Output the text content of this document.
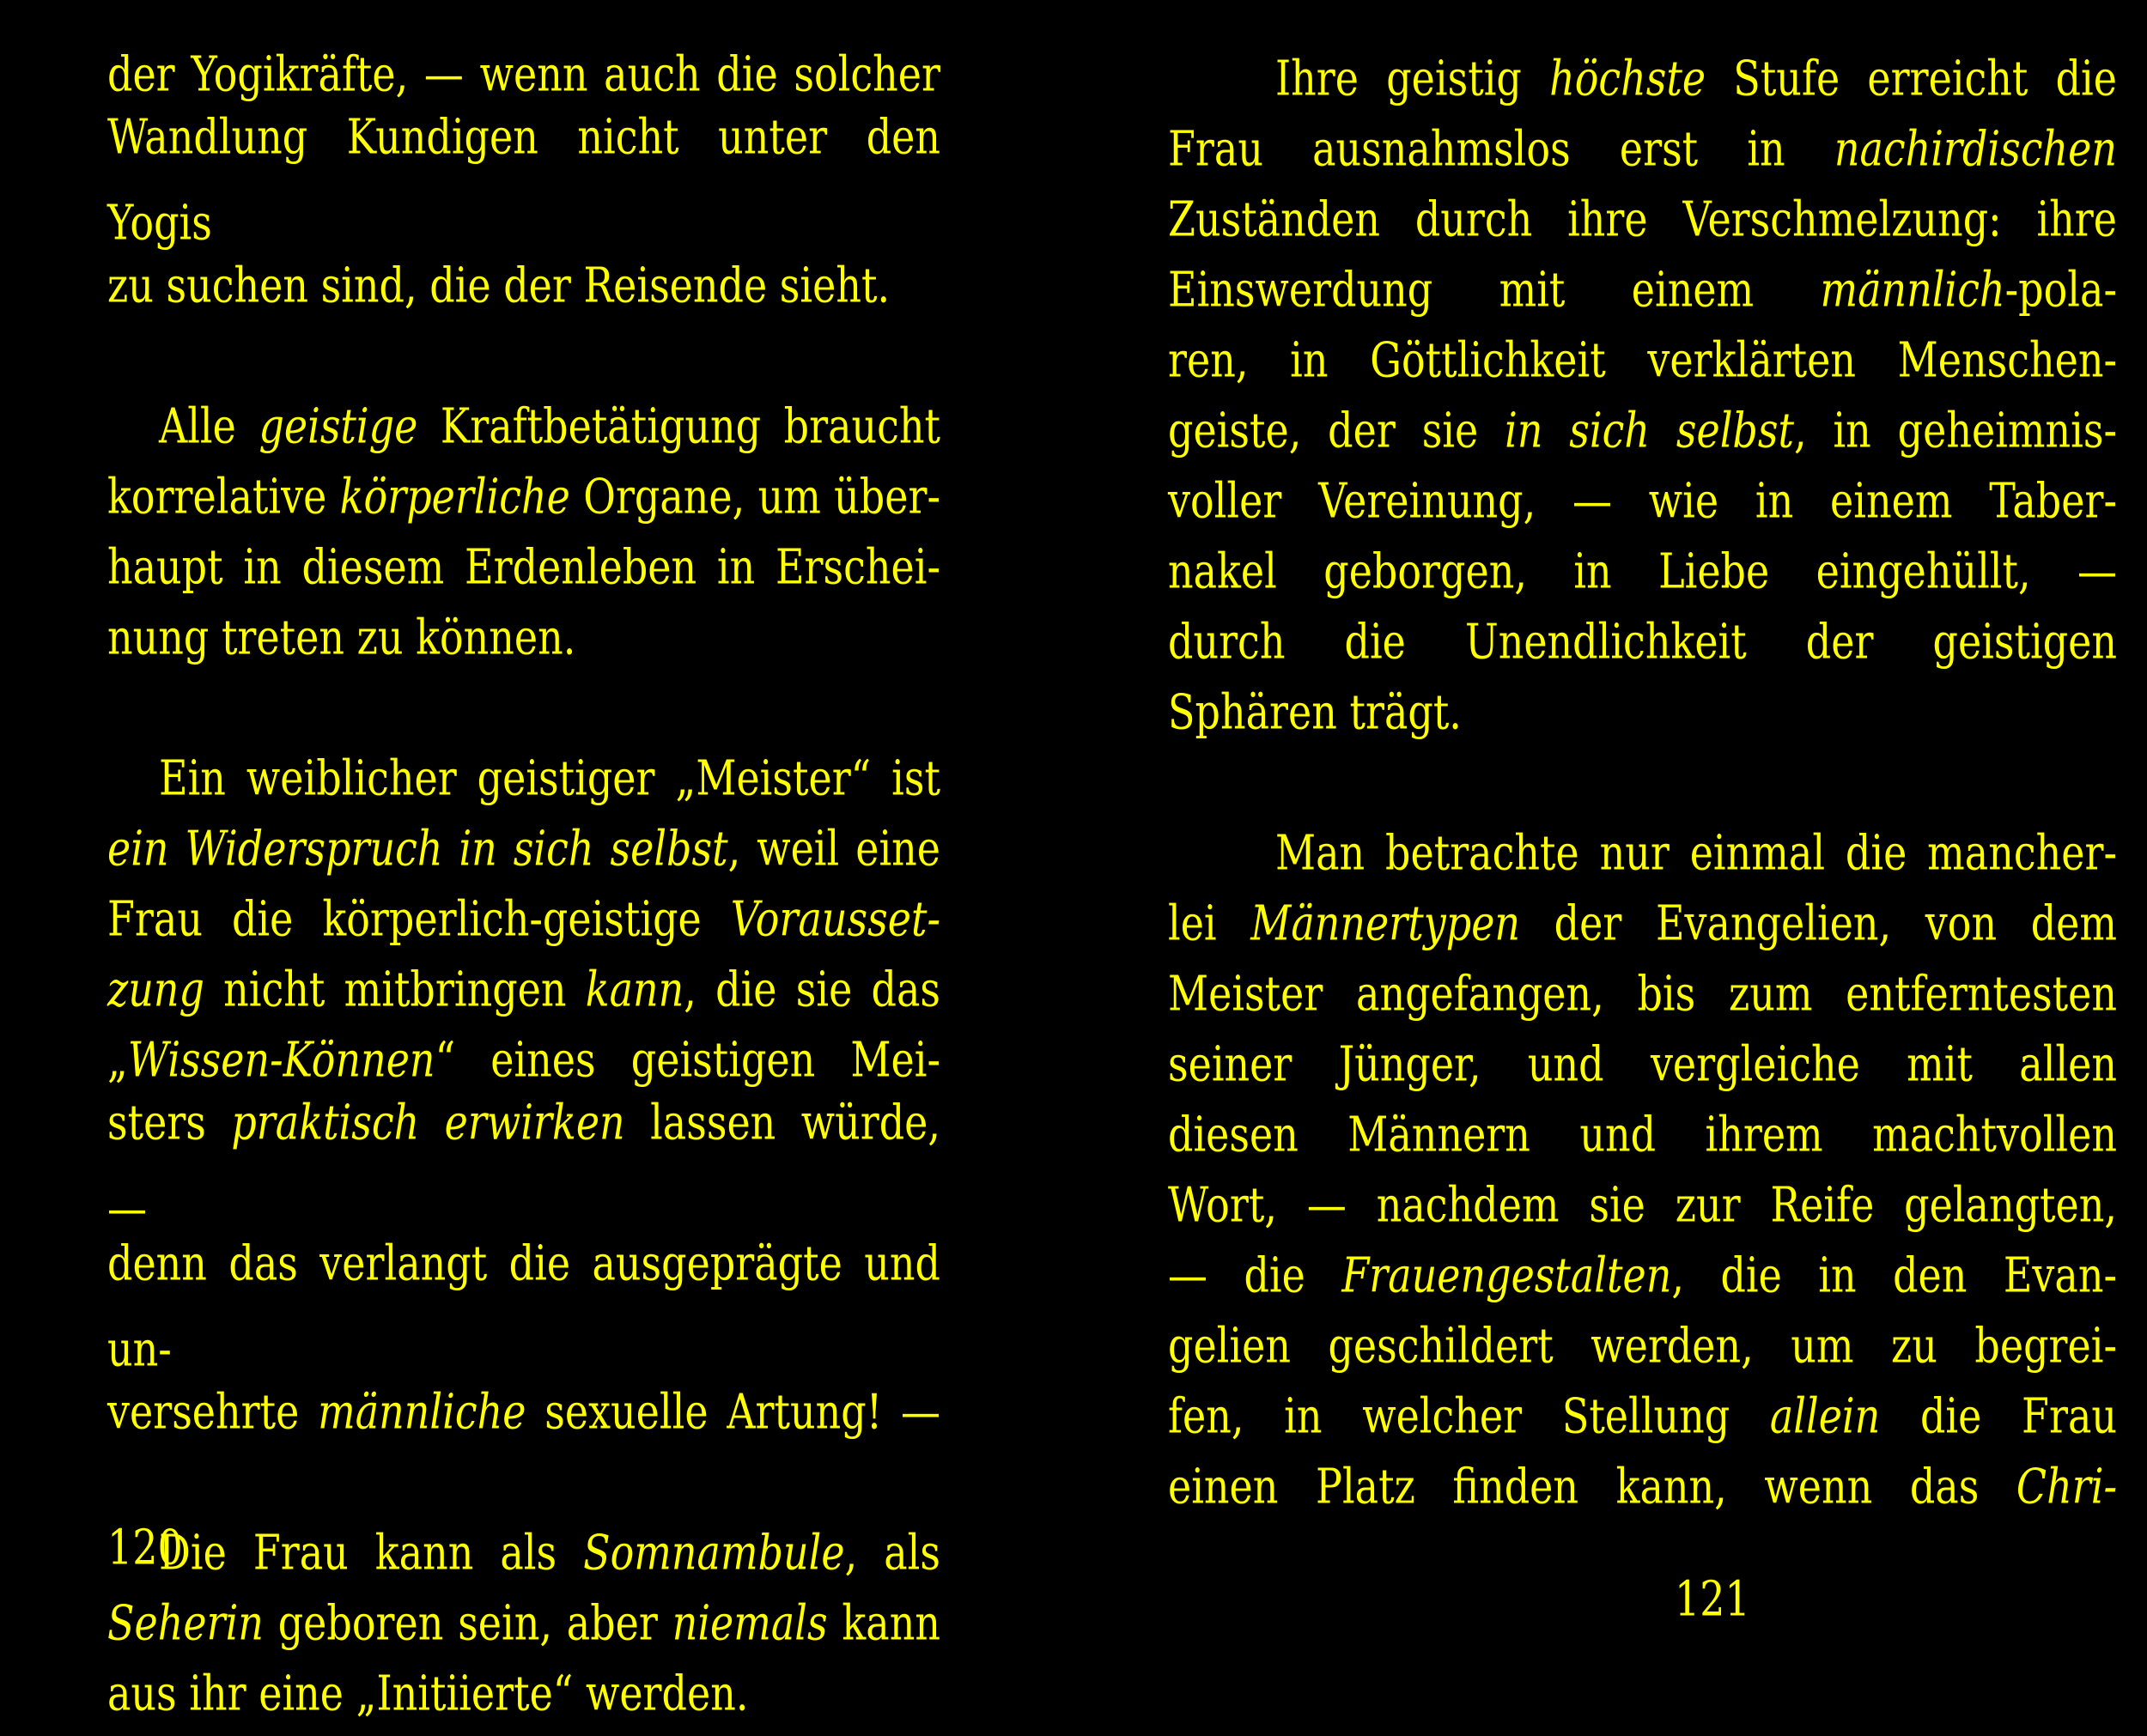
der Yogikräfte, — wenn auch die solcher
Wandlung Kundigen nicht unter den Yogis
zu suchen sind, die der Reisende sieht.
Alle geistige Kraftbetätigung braucht
korrelative körperliche Organe, um über-
haupt in diesem Erdenleben in Erschei-
nung treten zu können.
Ein weiblicher geistiger „Meister“ ist
ein Widerspruch in sich selbst, weil eine
Frau die körperlich-geistige Vorausset-
zung nicht mitbringen kann, die sie das
„Wissen-Können“ eines geistigen Mei-
sters praktisch erwirken lassen würde, —
denn das verlangt die ausgeprägte und un-
versehrte männliche sexuelle Artung! —
Die Frau kann als Somnambule, als
Seherin geboren sein, aber niemals kann
aus ihr eine „Initiierte“ werden.
Ihre geistig höchste Stufe erreicht die
Frau ausnahmslos erst in nachirdischen
Zuständen durch ihre Verschmelzung: ihre
Einswerdung mit einem männlich-pola-
ren, in Göttlichkeit verklärten Menschen-
geiste, der sie in sich selbst, in geheimnis-
voller Vereinung, — wie in einem Taber-
nakel geborgen, in Liebe eingehüllt, —
durch die Unendlichkeit der geistigen
Sphären trägt.
Man betrachte nur einmal die mancher-
lei Männertypen der Evangelien, von dem
Meister angefangen, bis zum entferntesten
seiner Jünger, und vergleiche mit allen
diesen Männern und ihrem machtvollen
Wort, — nachdem sie zur Reife gelangten,
— die Frauengestalten, die in den Evan-
gelien geschildert werden, um zu begrei-
fen, in welcher Stellung allein die Frau
einen Platz finden kann, wenn das Chri-
120
121
